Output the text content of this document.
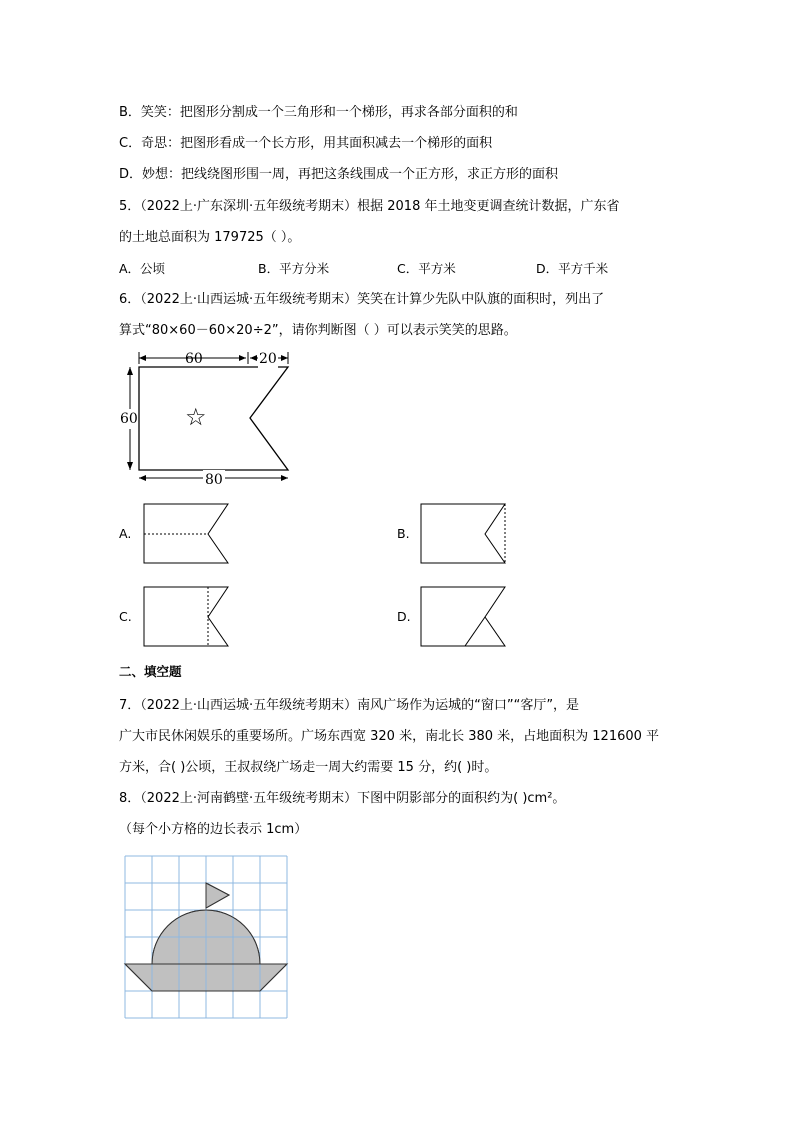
B．笑笑：把图形分割成一个三角形和一个梯形，再求各部分面积的和
C．奇思：把图形看成一个长方形，用其面积减去一个梯形的面积
D．妙想：把线绕图形围一周，再把这条线围成一个正方形，求正方形的面积
5．（2022上·广东深圳·五年级统考期末）根据 2018 年土地变更调查统计数据，广东省
的土地总面积为 179725（ ）。
A．公顷	B．平方分米	C．平方米	D．平方千米
6．（2022上·山西运城·五年级统考期末）笑笑在计算少先队中队旗的面积时，列出了
算式“80×60－60×20÷2”，请你判断图（ ）可以表示笑笑的思路。
60	20
60
80
☆
A.	B.
C.	D.
二、填空题
7．（2022上·山西运城·五年级统考期末）南风广场作为运城的“窗口”“客厅”，是
广大市民休闲娱乐的重要场所。广场东西宽 320 米，南北长 380 米，占地面积为 121600 平
方米，合( )公顷，王叔叔绕广场走一周大约需要 15 分，约( )时。
8．（2022上·河南鹤壁·五年级统考期末）下图中阴影部分的面积约为( )cm²。
（每个小方格的边长表示 1cm）
